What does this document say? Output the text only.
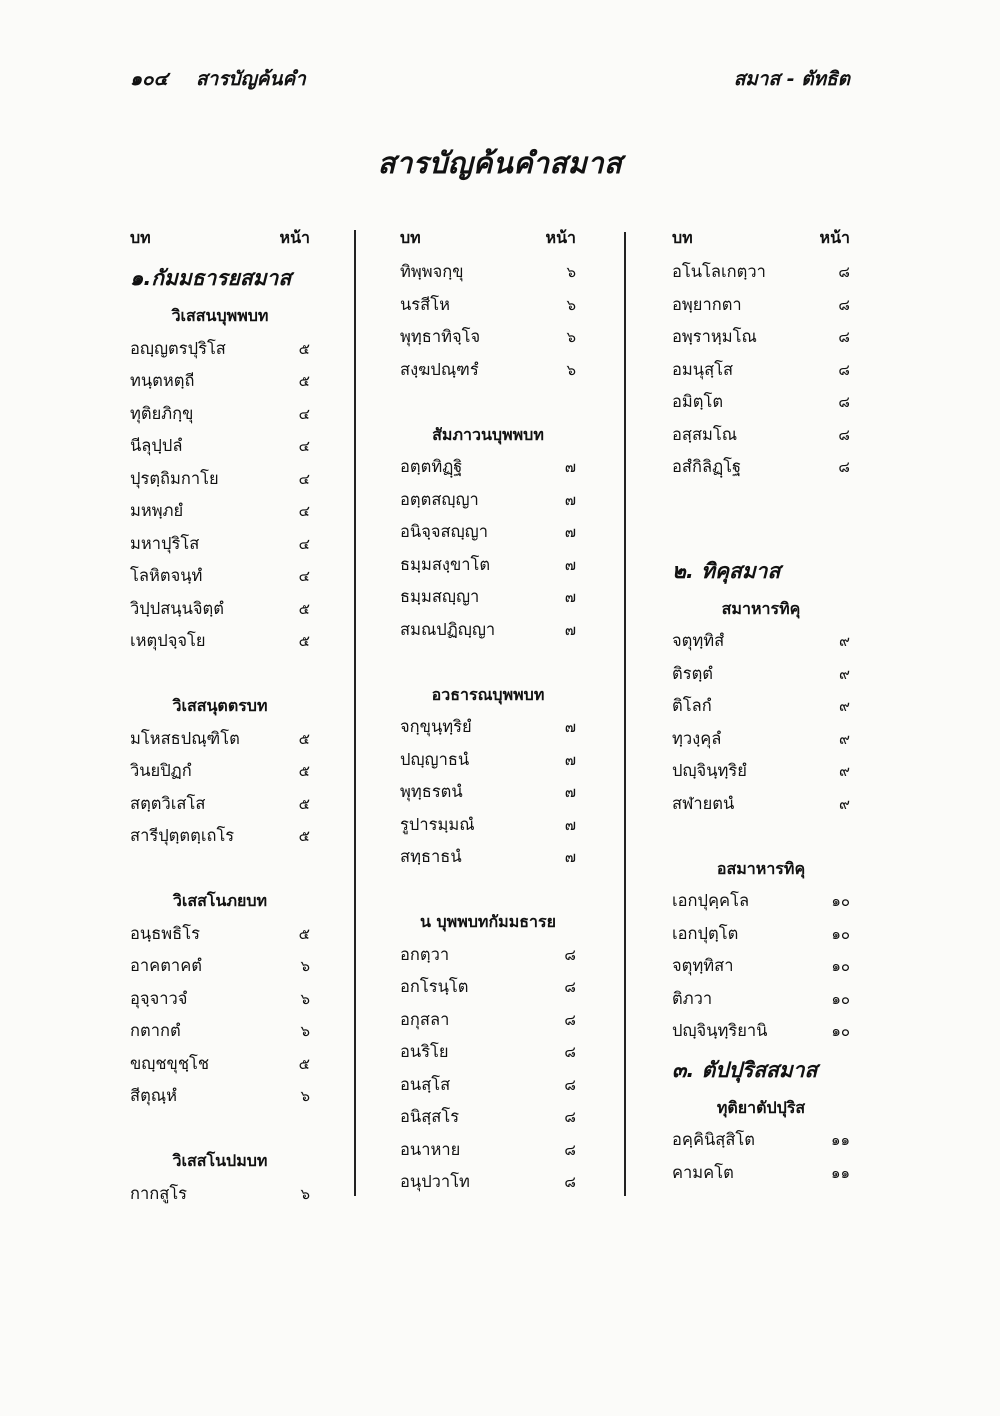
๑๐๔ สารบัญค้นคำ	สมาส - ตัทธิต
สารบัญค้นคำสมาส
บท	หน้า
๑.กัมมธารยสมาส
วิเสสนบุพพบท
อญฺญตรปุริโส	๕
ทนฺตหตฺถี	๕
ทุติยภิกฺขุ	๔
นีลุปฺปลํ	๔
ปุรตฺถิมกาโย	๔
มหพฺภยํ	๔
มหาปุริโส	๔
โลหิตจนฺทํ	๔
วิปฺปสนฺนจิตฺตํ	๕
เหตุปจฺจโย	๕
วิเสสนุตตรบท
มโหสธปณฺฑิโต	๕
วินยปิฏกํ	๕
สตฺตวิเสโส	๕
สารีปุตฺตตฺเถโร	๕
วิเสสโนภยบท
อนฺธพธิโร	๕
อาคตาคตํ	๖
อุจฺจาวจํ	๖
กตากตํ	๖
ขญฺชขุชฺโช	๕
สีตุณฺหํ	๖
วิเสสโนปมบท
กากสูโร	๖
บท	หน้า
ทิพฺพจกฺขุ	๖
นรสีโห	๖
พุทฺธาทิจฺโจ	๖
สงฺฆปณฺฑรํ	๖
สัมภาวนบุพพบท
อตฺตทิฏฺฐิ	๗
อตฺตสญฺญา	๗
อนิจฺจสญฺญา	๗
ธมฺมสงฺขาโต	๗
ธมฺมสญฺญา	๗
สมณปฏิญฺญา	๗
อวธารณบุพพบท
จกฺขุนฺทฺริยํ	๗
ปญฺญาธนํ	๗
พุทฺธรตนํ	๗
รูปารมฺมณํ	๗
สทฺธาธนํ	๗
น บุพพบทกัมมธารย
อกตฺวา	๘
อกโรนฺโต	๘
อกุสลา	๘
อนริโย	๘
อนสฺโส	๘
อนิสฺสโร	๘
อนาหาย	๘
อนุปวาโท	๘
บท	หน้า
อโนโลเกตฺวา	๘
อพฺยากตา	๘
อพฺราหฺมโณ	๘
อมนุสฺโส	๘
อมิตฺโต	๘
อสฺสมโณ	๘
อสํกิลิฏฺโฐ	๘
๒. ทิคุสมาส
สมาหารทิคุ
จตุทฺทิสํ	๙
ติรตฺตํ	๙
ติโลกํ	๙
ทฺวงฺคุลํ	๙
ปญฺจินฺทฺริยํ	๙
สฬายตนํ	๙
อสมาหารทิคุ
เอกปุคฺคโล	๑๐
เอกปุตฺโต	๑๐
จตุทฺทิสา	๑๐
ติภวา	๑๐
ปญฺจินฺทฺริยานิ	๑๐
๓. ตัปปุริสสมาส
ทุติยาตัปปุริส
อคฺคินิสฺสิโต	๑๑
คามคโต	๑๑
